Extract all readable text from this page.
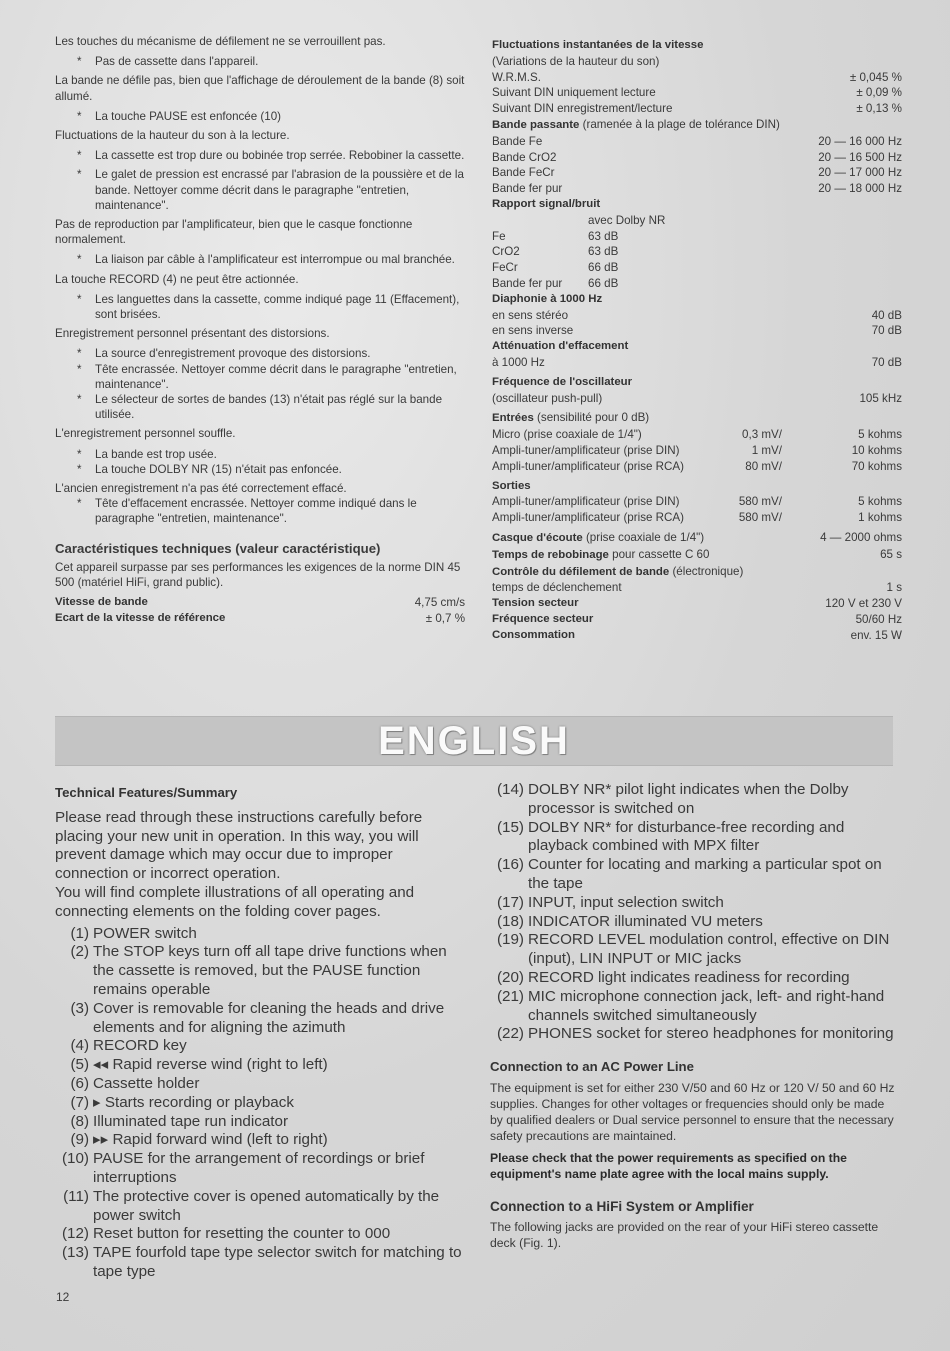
Les touches du mécanisme de défilement ne se verrouillent pas.

* Pas de cassette dans l'appareil.

La bande ne défile pas, bien que l'affichage de déroulement de la bande (8) soit allumé.

* La touche PAUSE est enfoncée (10)

Fluctuations de la hauteur du son à la lecture.

* La cassette est trop dure ou bobinée trop serrée. Rebobiner la cassette.

* Le galet de pression est encrassé par l'abrasion de la poussière et de la bande. Nettoyer comme décrit dans le paragraphe "entretien, maintenance".

Pas de reproduction par l'amplificateur, bien que le casque fonctionne normalement.

* La liaison par câble à l'amplificateur est interrompue ou mal branchée.

La touche RECORD (4) ne peut être actionnée.

* Les languettes dans la cassette, comme indiqué page 11 (Effacement), sont brisées.

Enregistrement personnel présentant des distorsions.

* La source d'enregistrement provoque des distorsions.

* Tête encrassée. Nettoyer comme décrit dans le paragraphe "entretien, maintenance".

* Le sélecteur de sortes de bandes (13) n'était pas réglé sur la bande utilisée.

L'enregistrement personnel souffle.

* La bande est trop usée.

* La touche DOLBY NR (15) n'était pas enfoncée.

L'ancien enregistrement n'a pas été correctement effacé.

* Tête d'effacement encrassée. Nettoyer comme indiqué dans le paragraphe "entretien, maintenance".

Caractéristiques techniques (valeur caractéristique)

Cet appareil surpasse par ses performances les exigences de la norme DIN 45 500 (matériel HiFi, grand public).

Vitesse de bande	4,75 cm/s
Ecart de la vitesse de référence	± 0,7 %
Fluctuations instantanées de la vitesse
(Variations de la hauteur du son)
W.R.M.S.	± 0,045 %
Suivant DIN uniquement lecture	± 0,09 %
Suivant DIN enregistrement/lecture	± 0,13 %
Bande passante (ramenée à la plage de tolérance DIN)
Bande Fe	20 — 16 000 Hz
Bande CrO2	20 — 16 500 Hz
Bande FeCr	20 — 17 000 Hz
Bande fer pur	20 — 18 000 Hz
Rapport signal/bruit
avec Dolby NR
Fe	63 dB
CrO2	63 dB
FeCr	66 dB
Bande fer pur	66 dB
Diaphonie à 1000 Hz
en sens stéréo	40 dB
en sens inverse	70 dB
Atténuation d'effacement
à 1000 Hz	70 dB
Fréquence de l'oscillateur
(oscillateur push-pull)	105 kHz
Entrées (sensibilité pour 0 dB)
Micro (prise coaxiale de 1/4")	0,3 mV/	5 kohms
Ampli-tuner/amplificateur (prise DIN)	1 mV/	10 kohms
Ampli-tuner/amplificateur (prise RCA)	80 mV/	70 kohms
Sorties
Ampli-tuner/amplificateur (prise DIN)	580 mV/	5 kohms
Ampli-tuner/amplificateur (prise RCA)	580 mV/	1 kohms
Casque d'écoute (prise coaxiale de 1/4")	4 — 2000 ohms
Temps de rebobinage pour cassette C 60	65 s
Contrôle du défilement de bande (électronique)
temps de déclenchement	1 s
Tension secteur	120 V et 230 V
Fréquence secteur	50/60 Hz
Consommation	env. 15 W
ENGLISH
Technical Features/Summary
Please read through these instructions carefully before placing your new unit in operation. In this way, you will prevent damage which may occur due to improper connection or incorrect operation.
You will find complete illustrations of all operating and connecting elements on the folding cover pages.
(1) POWER switch
(2) The STOP keys turn off all tape drive functions when the cassette is removed, but the PAUSE function remains operable
(3) Cover is removable for cleaning the heads and drive elements and for aligning the azimuth
(4) RECORD key
(5) ◂◂ Rapid reverse wind (right to left)
(6) Cassette holder
(7) ▸ Starts recording or playback
(8) Illuminated tape run indicator
(9) ▸▸ Rapid forward wind (left to right)
(10) PAUSE for the arrangement of recordings or brief interruptions
(11) The protective cover is opened automatically by the power switch
(12) Reset button for resetting the counter to 000
(13) TAPE fourfold tape type selector switch for matching to tape type
(14) DOLBY NR* pilot light indicates when the Dolby processor is switched on
(15) DOLBY NR* for disturbance-free recording and playback combined with MPX filter
(16) Counter for locating and marking a particular spot on the tape
(17) INPUT, input selection switch
(18) INDICATOR illuminated VU meters
(19) RECORD LEVEL modulation control, effective on DIN (input), LIN INPUT or MIC jacks
(20) RECORD light indicates readiness for recording
(21) MIC microphone connection jack, left- and right-hand channels switched simultaneously
(22) PHONES socket for stereo headphones for monitoring
Connection to an AC Power Line
The equipment is set for either 230 V/50 and 60 Hz or 120 V/ 50 and 60 Hz supplies. Changes for other voltages or frequencies should only be made by qualified dealers or Dual service personnel to ensure that the necessary safety precautions are maintained.
Please check that the power requirements as specified on the equipment's name plate agree with the local mains supply.
Connection to a HiFi System or Amplifier
The following jacks are provided on the rear of your HiFi stereo cassette deck (Fig. 1).
12
